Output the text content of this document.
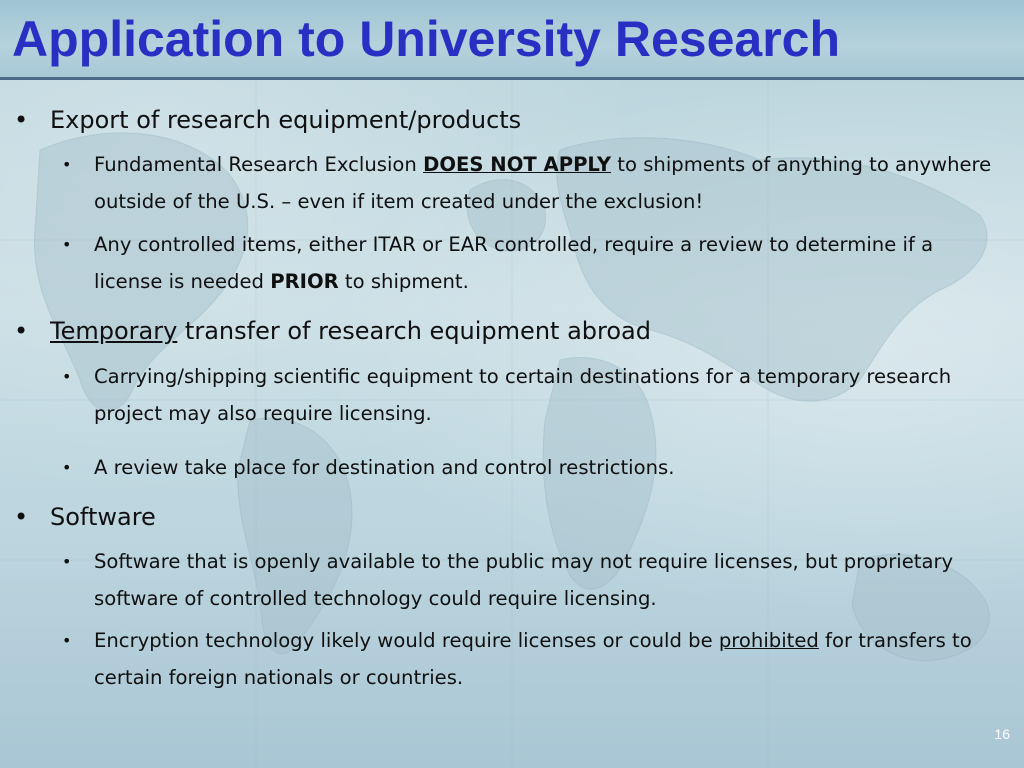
Application to University Research
• Export of research equipment/products
• Fundamental Research Exclusion DOES NOT APPLY to shipments of anything to anywhere outside of the U.S. – even if item created under the exclusion!
• Any controlled items, either ITAR or EAR controlled, require a review to determine if a license is needed PRIOR to shipment.
• Temporary transfer of research equipment abroad
• Carrying/shipping scientific equipment to certain destinations for a temporary research project may also require licensing.
• A review take place for destination and control restrictions.
• Software
• Software that is openly available to the public may not require licenses, but proprietary software of controlled technology could require licensing.
• Encryption technology likely would require licenses or could be prohibited for transfers to certain foreign nationals or countries.
16
